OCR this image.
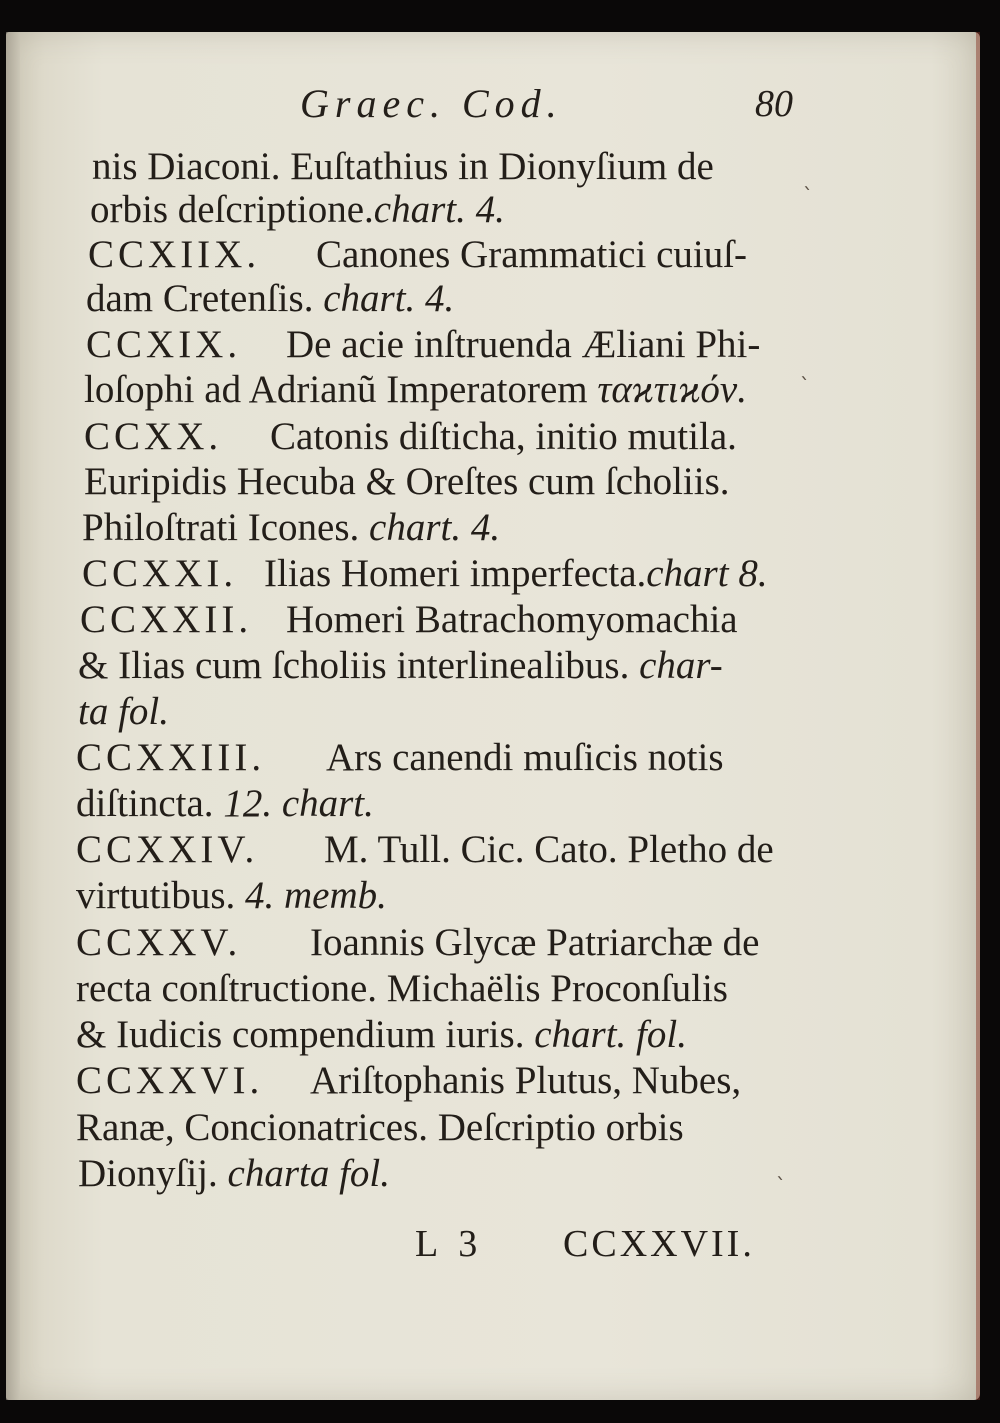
Graec. Cod.	80
nis Diaconi. Euſtathius in Dionyſium de
orbis deſcriptione.chart. 4.
CCXIIX. Canones Grammatici cuiuſ-
dam Cretenſis. chart. 4.
CCXIX. De acie inſtruenda Æliani Phi-
loſophi ad Adrianũ Imperatorem ταϰτιϰόν.
CCXX. Catonis diſticha, initio mutila.
Euripidis Hecuba & Oreſtes cum ſcholiis.
Philoſtrati Icones. chart. 4.
CCXXI. Ilias Homeri imperfecta.chart 8.
CCXXII. Homeri Batrachomyomachia
& Ilias cum ſcholiis interlinealibus. char-
ta fol.
CCXXIII. Ars canendi muſicis notis
diſtincta. 12. chart.
CCXXIV. M. Tull. Cic. Cato. Pletho de
virtutibus. 4. memb.
CCXXV. Ioannis Glycæ Patriarchæ de
recta conſtructione. Michaëlis Proconſulis
& Iudicis compendium iuris. chart. fol.
CCXXVI. Ariſtophanis Plutus, Nubes,
Ranæ, Concionatrices. Deſcriptio orbis
Dionyſij. charta fol.
L 3 CCXXVII.
ˎ
ˎ
ˎ
